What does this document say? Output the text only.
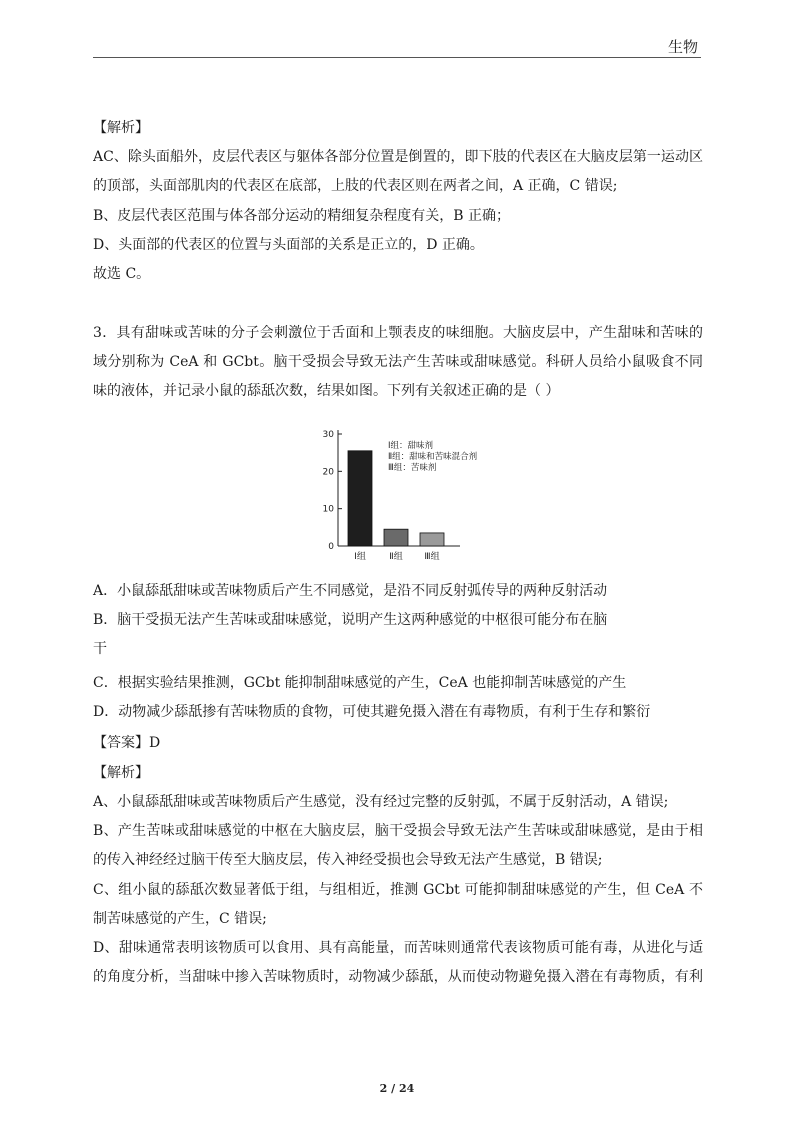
生物
【解析】
AC、除头面船外，皮层代表区与躯体各部分位置是倒置的，即下肢的代表区在大脑皮层第一运动区
的顶部，头面部肌肉的代表区在底部，上肢的代表区则在两者之间，A 正确，C 错误;
B、皮层代表区范围与体各部分运动的精细复杂程度有关，B 正确；
D、头面部的代表区的位置与头面部的关系是正立的，D 正确。
故选 C。
3．具有甜味或苦味的分子会刺激位于舌面和上颚表皮的味细胞。大脑皮层中，产生甜味和苦味的
域分别称为 CeA 和 GCbt。脑干受损会导致无法产生苦味或甜味感觉。科研人员给小鼠吸食不同
味的液体，并记录小鼠的舔舐次数，结果如图。下列有关叙述正确的是（ ）
A．小鼠舔舐甜味或苦味物质后产生不同感觉，是沿不同反射弧传导的两种反射活动
B．脑干受损无法产生苦味或甜味感觉，说明产生这两种感觉的中枢很可能分布在脑
干
C．根据实验结果推测，GCbt 能抑制甜味感觉的产生，CeA 也能抑制苦味感觉的产生
D．动物减少舔舐掺有苦味物质的食物，可使其避免摄入潜在有毒物质，有利于生存和繁衍
【答案】D
【解析】
A、小鼠舔舐甜味或苦味物质后产生感觉，没有经过完整的反射弧，不属于反射活动，A 错误;
B、产生苦味或甜味感觉的中枢在大脑皮层，脑干受损会导致无法产生苦味或甜味感觉，是由于相
的传入神经经过脑干传至大脑皮层，传入神经受损也会导致无法产生感觉，B 错误;
C、组小鼠的舔舐次数显著低于组，与组相近，推测 GCbt 可能抑制甜味感觉的产生，但 CeA 不
制苦味感觉的产生，C 错误;
D、甜味通常表明该物质可以食用、具有高能量，而苦味则通常代表该物质可能有毒，从进化与适
的角度分析，当甜味中掺入苦味物质时，动物减少舔舐，从而使动物避免摄入潜在有毒物质，有利
0
10
20
30
Ⅰ组	Ⅱ组 Ⅲ组
Ⅰ组：甜味剂
Ⅱ组：甜味和苦味混合剂
Ⅲ组：苦味剂
2 / 24
